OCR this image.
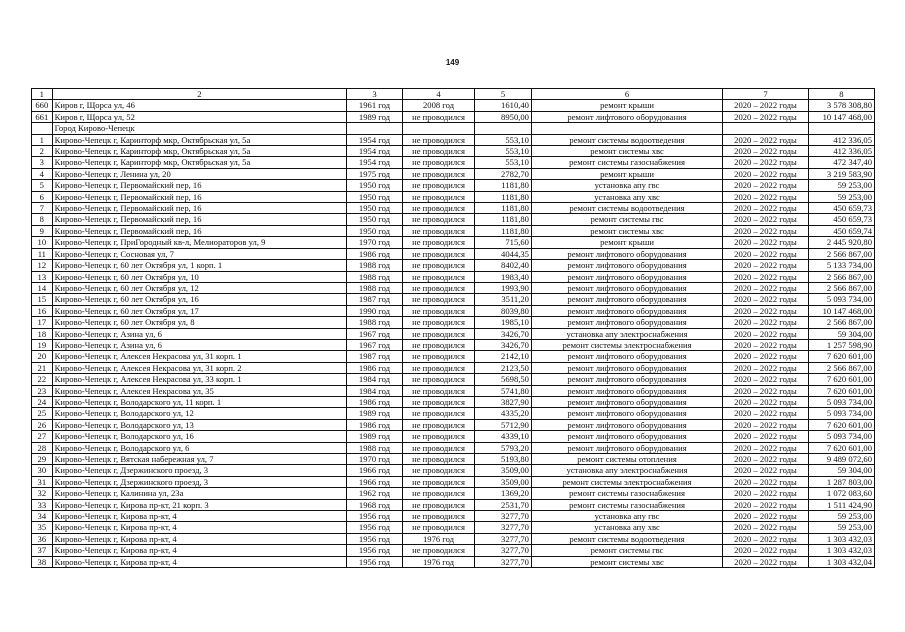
149
1	2	3	4	5	6	7	8
660	Киров г, Щорса ул, 46	1961 год	2008 год	1610,40	ремонт крыши	2020 – 2022 годы	3 578 308,80
661	Киров г, Щорса ул, 52	1989 год	не проводился	8950,00	ремонт лифтового оборудования	2020 – 2022 годы	10 147 468,00
	Город Кирово-Чепецк						
1	Кирово-Чепецк г, Каринторф мкр, Октябрьская ул, 5а	1954 год	не проводился	553,10	ремонт системы водоотведения	2020 – 2022 годы	412 336,05
2	Кирово-Чепецк г, Каринторф мкр, Октябрьская ул, 5а	1954 год	не проводился	553,10	ремонт системы хвс	2020 – 2022 годы	412 336,05
3	Кирово-Чепецк г, Каринторф мкр, Октябрьская ул, 5а	1954 год	не проводился	553,10	ремонт системы газоснабжения	2020 – 2022 годы	472 347,40
4	Кирово-Чепецк г, Ленина ул, 20	1975 год	не проводился	2782,70	ремонт крыши	2020 – 2022 годы	3 219 583,90
5	Кирово-Чепецк г, Первомайский пер, 16	1950 год	не проводился	1181,80	установка апу гвс	2020 – 2022 годы	59 253,00
6	Кирово-Чепецк г, Первомайский пер, 16	1950 год	не проводился	1181,80	установка апу хвс	2020 – 2022 годы	59 253,00
7	Кирово-Чепецк г, Первомайский пер, 16	1950 год	не проводился	1181,80	ремонт системы водоотведения	2020 – 2022 годы	450 659,73
8	Кирово-Чепецк г, Первомайский пер, 16	1950 год	не проводился	1181,80	ремонт системы гвс	2020 – 2022 годы	450 659,73
9	Кирово-Чепецк г, Первомайский пер, 16	1950 год	не проводился	1181,80	ремонт системы хвс	2020 – 2022 годы	450 659,74
10	Кирово-Чепецк г, ПриГородный кв-л, Мелиораторов ул, 9	1970 год	не проводился	715,60	ремонт крыши	2020 – 2022 годы	2 445 920,80
11	Кирово-Чепецк г, Сосновая ул, 7	1986 год	не проводился	4044,35	ремонт лифтового оборудования	2020 – 2022 годы	2 566 867,00
12	Кирово-Чепецк г, 60 лет Октября ул, 1 корп. 1	1988 год	не проводился	8402,40	ремонт лифтового оборудования	2020 – 2022 годы	5 133 734,00
13	Кирово-Чепецк г, 60 лет Октября ул, 10	1988 год	не проводился	1983,40	ремонт лифтового оборудования	2020 – 2022 годы	2 566 867,00
14	Кирово-Чепецк г, 60 лет Октября ул, 12	1988 год	не проводился	1993,90	ремонт лифтового оборудования	2020 – 2022 годы	2 566 867,00
15	Кирово-Чепецк г, 60 лет Октября ул, 16	1987 год	не проводился	3511,20	ремонт лифтового оборудования	2020 – 2022 годы	5 093 734,00
16	Кирово-Чепецк г, 60 лет Октября ул, 17	1990 год	не проводился	8039,80	ремонт лифтового оборудования	2020 – 2022 годы	10 147 468,00
17	Кирово-Чепецк г, 60 лет Октября ул, 8	1988 год	не проводился	1985,10	ремонт лифтового оборудования	2020 – 2022 годы	2 566 867,00
18	Кирово-Чепецк г, Азина ул, 6	1967 год	не проводился	3426,70	установка апу электроснабжения	2020 – 2022 годы	59 304,00
19	Кирово-Чепецк г, Азина ул, 6	1967 год	не проводился	3426,70	ремонт системы электроснабжения	2020 – 2022 годы	1 257 598,90
20	Кирово-Чепецк г, Алексея Некрасова ул, 31 корп. 1	1987 год	не проводился	2142,10	ремонт лифтового оборудования	2020 – 2022 годы	7 620 601,00
21	Кирово-Чепецк г, Алексея Некрасова ул, 31 корп. 2	1986 год	не проводился	2123,50	ремонт лифтового оборудования	2020 – 2022 годы	2 566 867,00
22	Кирово-Чепецк г, Алексея Некрасова ул, 33 корп. 1	1984 год	не проводился	5698,50	ремонт лифтового оборудования	2020 – 2022 годы	7 620 601,00
23	Кирово-Чепецк г, Алексея Некрасова ул, 35	1984 год	не проводился	5741,80	ремонт лифтового оборудования	2020 – 2022 годы	7 620 601,00
24	Кирово-Чепецк г, Володарского ул, 11 корп. 1	1986 год	не проводился	3827,90	ремонт лифтового оборудования	2020 – 2022 годы	5 093 734,00
25	Кирово-Чепецк г, Володарского ул, 12	1989 год	не проводился	4335,20	ремонт лифтового оборудования	2020 – 2022 годы	5 093 734,00
26	Кирово-Чепецк г, Володарского ул, 13	1986 год	не проводился	5712,90	ремонт лифтового оборудования	2020 – 2022 годы	7 620 601,00
27	Кирово-Чепецк г, Володарского ул, 16	1989 год	не проводился	4339,10	ремонт лифтового оборудования	2020 – 2022 годы	5 093 734,00
28	Кирово-Чепецк г, Володарского ул, 6	1988 год	не проводился	5793,20	ремонт лифтового оборудования	2020 – 2022 годы	7 620 601,00
29	Кирово-Чепецк г, Вятская набережная ул, 7	1970 год	не проводился	5193,80	ремонт системы отопления	2020 – 2022 годы	9 489 072,60
30	Кирово-Чепецк г, Дзержинского проезд, 3	1966 год	не проводился	3509,00	установка апу электроснабжения	2020 – 2022 годы	59 304,00
31	Кирово-Чепецк г, Дзержинского проезд, 3	1966 год	не проводился	3509,00	ремонт системы электроснабжения	2020 – 2022 годы	1 287 803,00
32	Кирово-Чепецк г, Калинина ул, 23а	1962 год	не проводился	1369,20	ремонт системы газоснабжения	2020 – 2022 годы	1 072 083,60
33	Кирово-Чепецк г, Кирова пр-кт, 21 корп. 3	1968 год	не проводился	2531,70	ремонт системы газоснабжения	2020 – 2022 годы	1 511 424,90
34	Кирово-Чепецк г, Кирова пр-кт, 4	1956 год	не проводился	3277,70	установка апу гвс	2020 – 2022 годы	59 253,00
35	Кирово-Чепецк г, Кирова пр-кт, 4	1956 год	не проводился	3277,70	установка апу хвс	2020 – 2022 годы	59 253,00
36	Кирово-Чепецк г, Кирова пр-кт, 4	1956 год	1976 год	3277,70	ремонт системы водоотведения	2020 – 2022 годы	1 303 432,03
37	Кирово-Чепецк г, Кирова пр-кт, 4	1956 год	не проводился	3277,70	ремонт системы гвс	2020 – 2022 годы	1 303 432,03
38	Кирово-Чепецк г, Кирова пр-кт, 4	1956 год	1976 год	3277,70	ремонт системы хвс	2020 – 2022 годы	1 303 432,04
